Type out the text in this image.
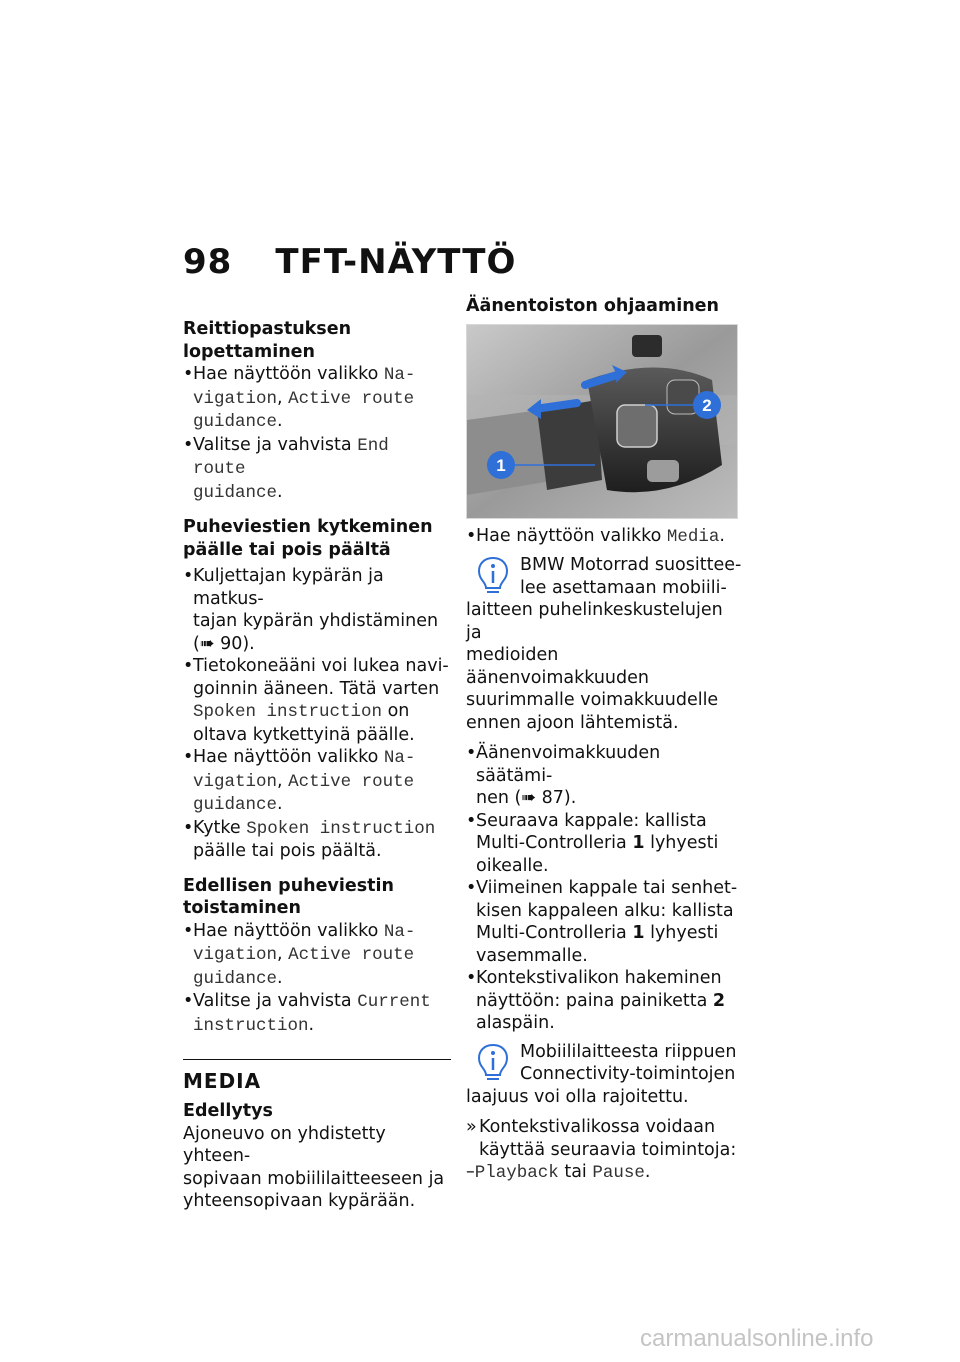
98 TFT-NÄYTTÖ
Reittiopastuksen lopettaminen
• Hae näyttöön valikko Na-
vigation, Active route
guidance.
• Valitse ja vahvista End route
guidance.
Puheviestien kytkeminen
päälle tai pois päältä
• Kuljettajan kypärän ja matkus-
tajan kypärän yhdistäminen
(➠ 90).
• Tietokoneääni voi lukea navi-
goinnin ääneen. Tätä varten
Spoken instruction on
oltava kytkettyinä päälle.
• Hae näyttöön valikko Na-
vigation, Active route
guidance.
• Kytke Spoken instruction
päälle tai pois päältä.
Edellisen puheviestin
toistaminen
• Hae näyttöön valikko Na-
vigation, Active route
guidance.
• Valitse ja vahvista Current
instruction.
MEDIA
Edellytys
Ajoneuvo on yhdistetty yhteen-
sopivaan mobiililaitteeseen ja
yhteensopivaan kypärään.
Äänentoiston ohjaaminen
1
2
• Hae näyttöön valikko Media.
BMW Motorrad suosittee-
lee asettamaan mobiili-
laitteen puhelinkeskustelujen ja
medioiden äänenvoimakkuuden
suurimmalle voimakkuudelle
ennen ajoon lähtemistä.
• Äänenvoimakkuuden säätämi-
nen (➠ 87).
• Seuraava kappale: kallista
Multi-Controlleria 1 lyhyesti
oikealle.
• Viimeinen kappale tai senhet-
kisen kappaleen alku: kallista
Multi-Controlleria 1 lyhyesti
vasemmalle.
• Kontekstivalikon hakeminen
näyttöön: paina painiketta 2
alaspäin.
Mobiililaitteesta riippuen
Connectivity-toimintojen
laajuus voi olla rajoitettu.
» Kontekstivalikossa voidaan
käyttää seuraavia toimintoja:
–Playback tai Pause.
carmanualsonline.info
